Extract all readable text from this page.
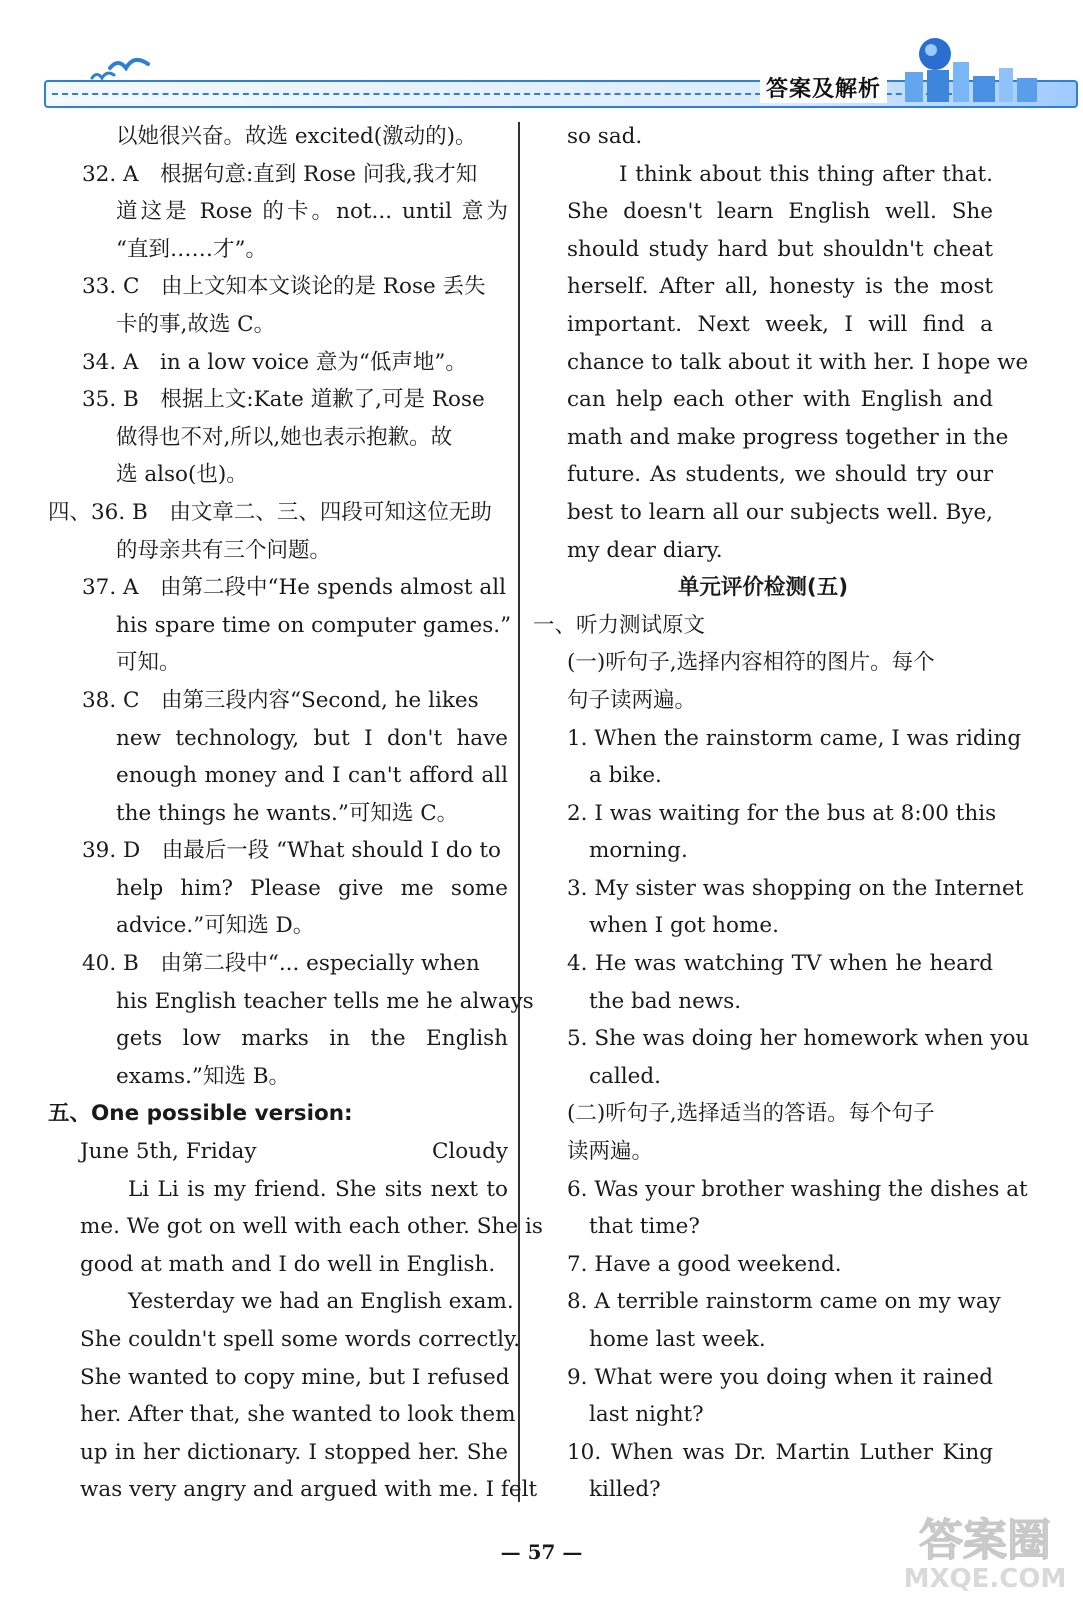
答案及解析
以她很兴奋。故选 excited(激动的)。
32. A　根据句意:直到 Rose 问我,我才知
道这是 Rose 的卡。not... until 意为
“直到……才”。
33. C　由上文知本文谈论的是 Rose 丢失
卡的事,故选 C。
34. A　in a low voice 意为“低声地”。
35. B　根据上文:Kate 道歉了,可是 Rose
做得也不对,所以,她也表示抱歉。故
选 also(也)。
四、36. B　由文章二、三、四段可知这位无助
的母亲共有三个问题。
37. A　由第二段中“He spends almost all
his spare time on computer games.”
可知。
38. C　由第三段内容“Second, he likes
new technology, but I don't have
enough money and I can't afford all
the things he wants.”可知选 C。
39. D　由最后一段 “What should I do to
help him? Please give me some
advice.”可知选 D。
40. B　由第二段中“... especially when
his English teacher tells me he always
gets low marks in the English
exams.”知选 B。
五、One possible version:
June 5th, Friday	Cloudy
Li Li is my friend. She sits next to
me. We got on well with each other. She is
good at math and I do well in English.
Yesterday we had an English exam.
She couldn't spell some words correctly.
She wanted to copy mine, but I refused
her. After that, she wanted to look them
up in her dictionary. I stopped her. She
was very angry and argued with me. I felt
so sad.
I think about this thing after that.
She doesn't learn English well. She
should study hard but shouldn't cheat
herself. After all, honesty is the most
important. Next week, I will find a
chance to talk about it with her. I hope we
can help each other with English and
math and make progress together in the
future. As students, we should try our
best to learn all our subjects well. Bye,
my dear diary.
单元评价检测(五)
一、听力测试原文
(一)听句子,选择内容相符的图片。每个
句子读两遍。
1. When the rainstorm came, I was riding
a bike.
2. I was waiting for the bus at 8:00 this
morning.
3. My sister was shopping on the Internet
when I got home.
4. He was watching TV when he heard
the bad news.
5. She was doing her homework when you
called.
(二)听句子,选择适当的答语。每个句子
读两遍。
6. Was your brother washing the dishes at
that time?
7. Have a good weekend.
8. A terrible rainstorm came on my way
home last week.
9. What were you doing when it rained
last night?
10. When was Dr. Martin Luther King
killed?
— 57 —	答案圈
MXQE.COM
